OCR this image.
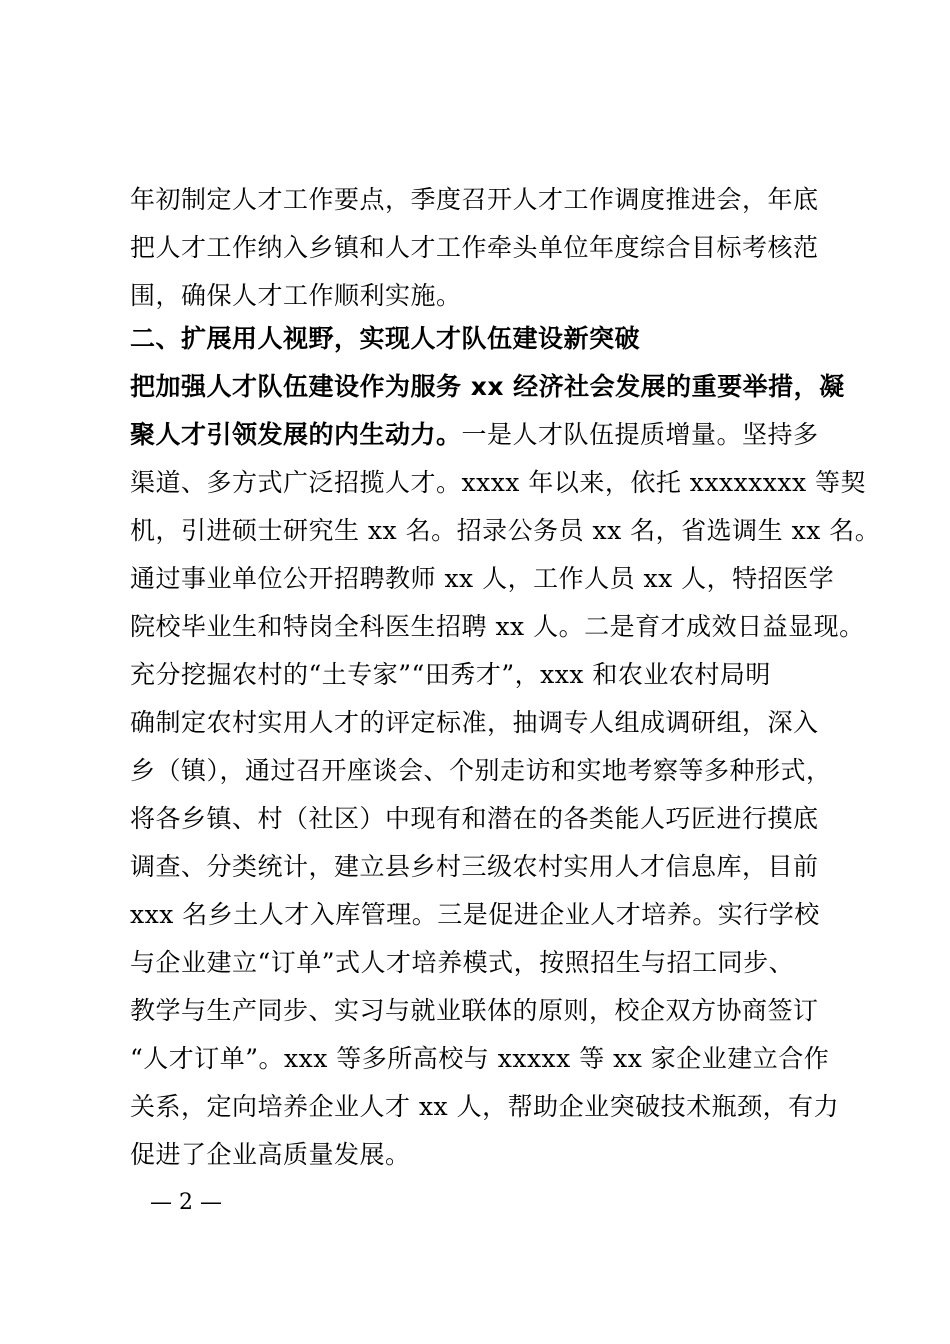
年初制定人才工作要点，季度召开人才工作调度推进会，年底
把人才工作纳入乡镇和人才工作牵头单位年度综合目标考核范
围，确保人才工作顺利实施。
二、扩展用人视野，实现人才队伍建设新突破
把加强人才队伍建设作为服务 xx 经济社会发展的重要举措，凝
聚人才引领发展的内生动力。一是人才队伍提质增量。坚持多
渠道、多方式广泛招揽人才。xxxx 年以来，依托 xxxxxxxx 等契
机，引进硕士研究生 xx 名。招录公务员 xx 名，省选调生 xx 名。
通过事业单位公开招聘教师 xx 人，工作人员 xx 人，特招医学
院校毕业生和特岗全科医生招聘 xx 人。二是育才成效日益显现。
充分挖掘农村的“土专家”“田秀才”，xxx 和农业农村局明
确制定农村实用人才的评定标准，抽调专人组成调研组，深入
乡（镇），通过召开座谈会、个别走访和实地考察等多种形式，
将各乡镇、村（社区）中现有和潜在的各类能人巧匠进行摸底
调查、分类统计，建立县乡村三级农村实用人才信息库，目前
xxx 名乡土人才入库管理。三是促进企业人才培养。实行学校
与企业建立“订单”式人才培养模式，按照招生与招工同步、
教学与生产同步、实习与就业联体的原则，校企双方协商签订
“人才订单”。xxx 等多所高校与 xxxxx 等 xx 家企业建立合作
关系，定向培养企业人才 xx 人，帮助企业突破技术瓶颈，有力
促进了企业高质量发展。
— 2 —
